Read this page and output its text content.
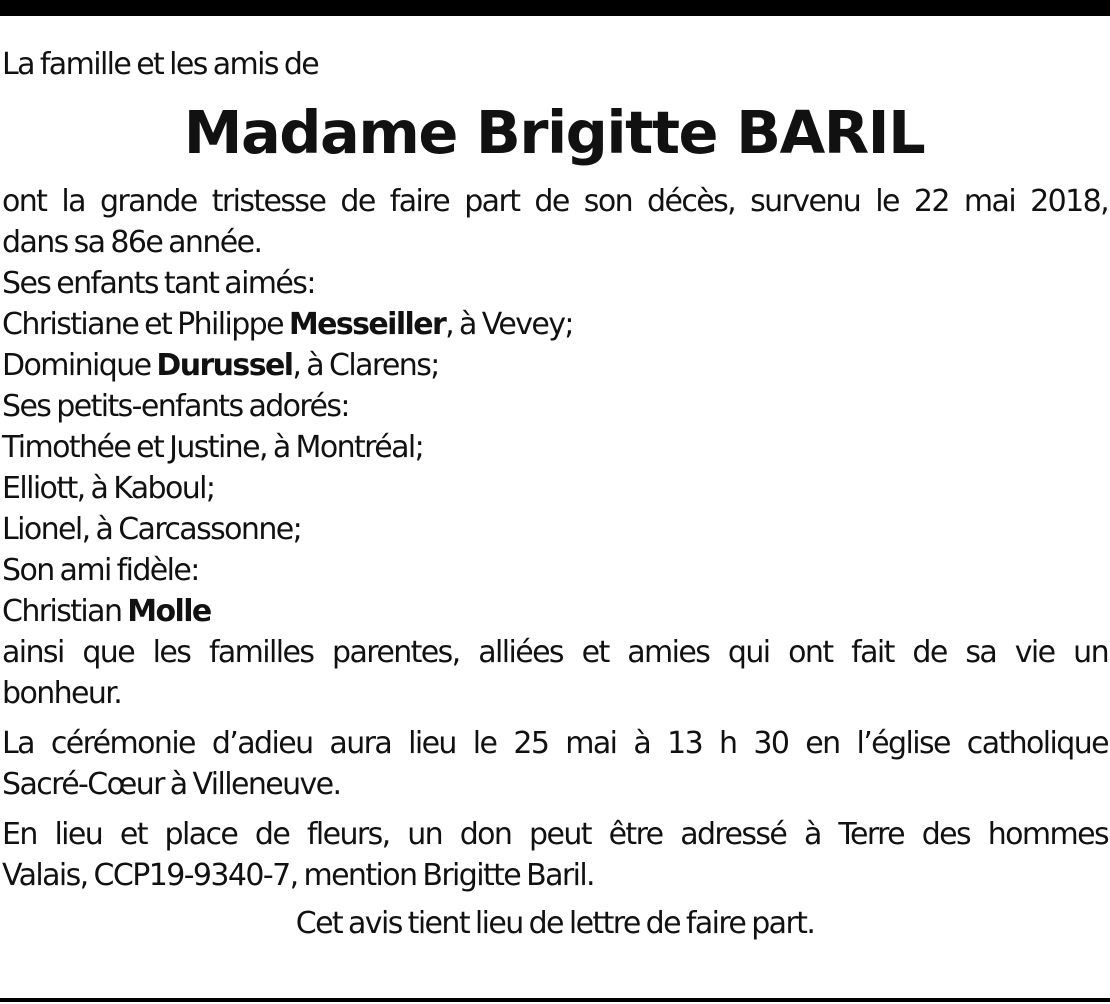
La famille et les amis de
Madame Brigitte BARIL
ont la grande tristesse de faire part de son décès, survenu le 22 mai 2018,
dans sa 86e année.
Ses enfants tant aimés:
Christiane et Philippe Messeiller, à Vevey;
Dominique Durussel, à Clarens;
Ses petits-enfants adorés:
Timothée et Justine, à Montréal;
Elliott, à Kaboul;
Lionel, à Carcassonne;
Son ami fidèle:
Christian Molle
ainsi que les familles parentes, alliées et amies qui ont fait de sa vie un
bonheur.
La cérémonie d’adieu aura lieu le 25 mai à 13 h 30 en l’église catholique
Sacré-Cœur à Villeneuve.
En lieu et place de fleurs, un don peut être adressé à Terre des hommes
Valais, CCP19-9340-7, mention Brigitte Baril.
Cet avis tient lieu de lettre de faire part.
